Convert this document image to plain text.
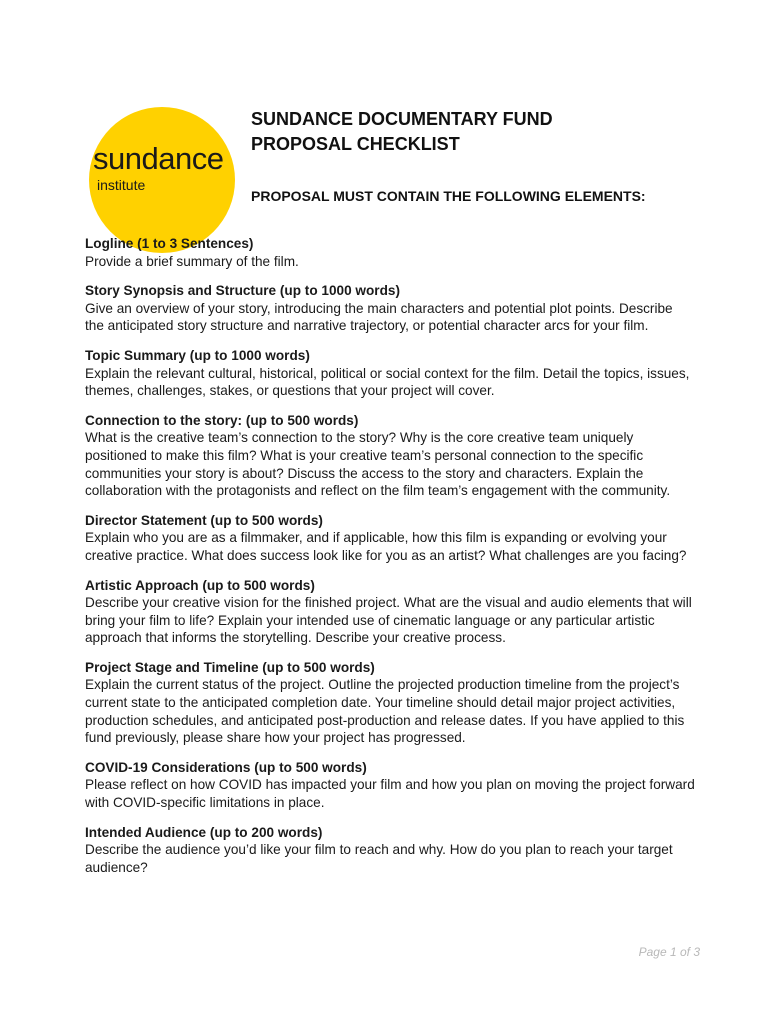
sundance
institute
SUNDANCE DOCUMENTARY FUND
PROPOSAL CHECKLIST
PROPOSAL MUST CONTAIN THE FOLLOWING ELEMENTS:
Logline (1 to 3 Sentences)
Provide a brief summary of the film.
Story Synopsis and Structure (up to 1000 words)
Give an overview of your story, introducing the main characters and potential plot points. Describe the anticipated story structure and narrative trajectory, or potential character arcs for your film.
Topic Summary (up to 1000 words)
Explain the relevant cultural, historical, political or social context for the film. Detail the topics, issues, themes, challenges, stakes, or questions that your project will cover.
Connection to the story: (up to 500 words)
What is the creative team’s connection to the story? Why is the core creative team uniquely positioned to make this film? What is your creative team’s personal connection to the specific communities your story is about? Discuss the access to the story and characters. Explain the collaboration with the protagonists and reflect on the film team’s engagement with the community.
Director Statement (up to 500 words)
Explain who you are as a filmmaker, and if applicable, how this film is expanding or evolving your creative practice. What does success look like for you as an artist? What challenges are you facing?
Artistic Approach (up to 500 words)
Describe your creative vision for the finished project. What are the visual and audio elements that will bring your film to life? Explain your intended use of cinematic language or any particular artistic approach that informs the storytelling. Describe your creative process.
Project Stage and Timeline (up to 500 words)
Explain the current status of the project. Outline the projected production timeline from the project’s current state to the anticipated completion date. Your timeline should detail major project activities, production schedules, and anticipated post-production and release dates. If you have applied to this fund previously, please share how your project has progressed.
COVID-19 Considerations (up to 500 words)
Please reflect on how COVID has impacted your film and how you plan on moving the project forward with COVID-specific limitations in place.
Intended Audience (up to 200 words)
Describe the audience you’d like your film to reach and why. How do you plan to reach your target audience?
Page 1 of 3
